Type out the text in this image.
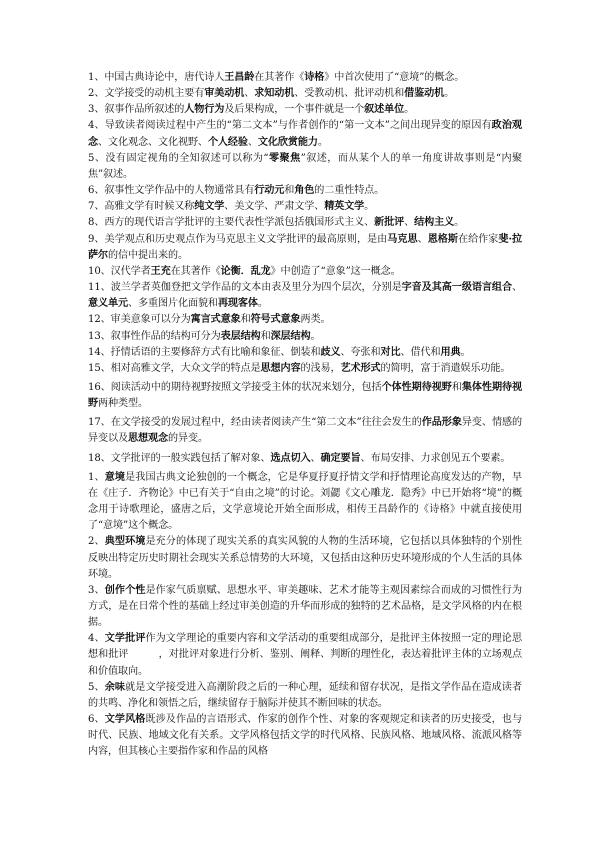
1、中国古典诗论中，唐代诗人王昌龄在其著作《诗格》中首次使用了“意境”的概念。

2、文学接受的动机主要有审美动机、求知动机、受教动机、批评动机和借鉴动机。

3、叙事作品所叙述的人物行为及后果构成，一个事件就是一个叙述单位。

4、导致读者阅读过程中产生的“第二文本”与作者创作的“第一文本”之间出现异变的原因有政治观念、文化观念、文化视野、个人经验、文化欣赏能力。

5、没有固定视角的全知叙述可以称为“零聚焦”叙述，而从某个人的单一角度讲故事则是“内聚焦”叙述。

6、叙事性文学作品中的人物通常具有行动元和角色的二重性特点。

7、高雅文学有时候又称纯文学、美文学、严肃文学、精英文学。

8、西方的现代语言学批评的主要代表性学派包括俄国形式主义、新批评、结构主义。

9、美学观点和历史观点作为马克思主义文学批评的最高原则，是由马克思、恩格斯在给作家斐·拉萨尔的信中提出来的。

10、汉代学者王充在其著作《论衡．乱龙》中创造了“意象”这一概念。

11、波兰学者英伽登把文学作品的文本由表及里分为四个层次，分别是字音及其高一级语言组合、意义单元、多重图片化面貌和再现客体。

12、审美意象可以分为寓言式意象和符号式意象两类。

13、叙事性作品的结构可分为表层结构和深层结构。

14、抒情话语的主要修辞方式有比喻和象征、倒装和歧义、夸张和对比、借代和用典。

15、相对高雅文学，大众文学的特点是思想内容的浅易，艺术形式的简明，富于消遣娱乐功能。

16、阅读活动中的期待视野按照文学接受主体的状况来划分，包括个体性期待视野和集体性期待视野两种类型。

17、在文学接受的发展过程中，经由读者阅读产生“第二文本”往往会发生的作品形象异变、情感的异变以及思想观念的异变。

18、文学批评的一般实践包括了解对象、选点切入、确定要旨、布局安排、力求创见五个要素。

1、意境是我国古典文论独创的一个概念，它是华夏抒夏抒情文学和抒情理论高度发达的产物，早在《庄子．齐物论》中已有关于“自由之境”的讨论。刘勰《文心雕龙．隐秀》中已开始将“境”的概念用于诗歌理论，盛唐之后，文学意境论开始全面形成，相传王昌龄作的《诗格》中就直接使用了“意境”这个概念。

2、典型环境是充分的体现了现实关系的真实风貌的人物的生活环境，它包括以具体独特的个别性反映出特定历史时期社会现实关系总情势的大环境，又包括由这种历史环境形成的个人生活的具体环境。

3、创作个性是作家气质禀赋、思想水平、审美趣味、艺术才能等主观因素综合而成的习惯性行为方式，是在日常个性的基础上经过审美创造的升华而形成的独特的艺术品格，是文学风格的内在根据。

4、文学批评作为文学理论的重要内容和文学活动的重要组成部分，是批评主体按照一定的理论思想和批评　　　，对批评对象进行分析、鉴别、阐释、判断的理性化，表达着批评主体的立场观点和价值取向。

5、余味就是文学接受进入高潮阶段之后的一种心理，延续和留存状况，是指文学作品在造成读者的共鸣、净化和领悟之后，继续留存于脑际并使其不断回味的状态。

6、文学风格既涉及作品的言语形式、作家的创作个性、对象的客观规定和读者的历史接受，也与时代、民族、地域文化有关系。文学风格包括文学的时代风格、民族风格、地域风格、流派风格等内容，但其核心主要指作家和作品的风格
